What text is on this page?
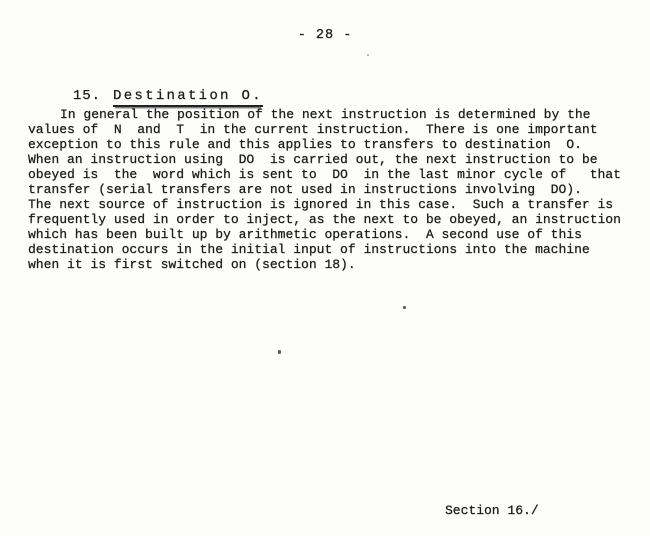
- 28 -

15. Destination O.

In general the position of the next instruction is determined by the
values of  N  and  T  in the current instruction.  There is one important
exception to this rule and this applies to transfers to destination  O.
When an instruction using  DO  is carried out, the next instruction to be
obeyed is  the  word which is sent to  DO  in the last minor cycle of   that
transfer (serial transfers are not used in instructions involving  DO).
The next source of instruction is ignored in this case.  Such a transfer is
frequently used in order to inject, as the next to be obeyed, an instruction
which has been built up by arithmetic operations.  A second use of this
destination occurs in the initial input of instructions into the machine
when it is first switched on (section 18).
Section 16./
